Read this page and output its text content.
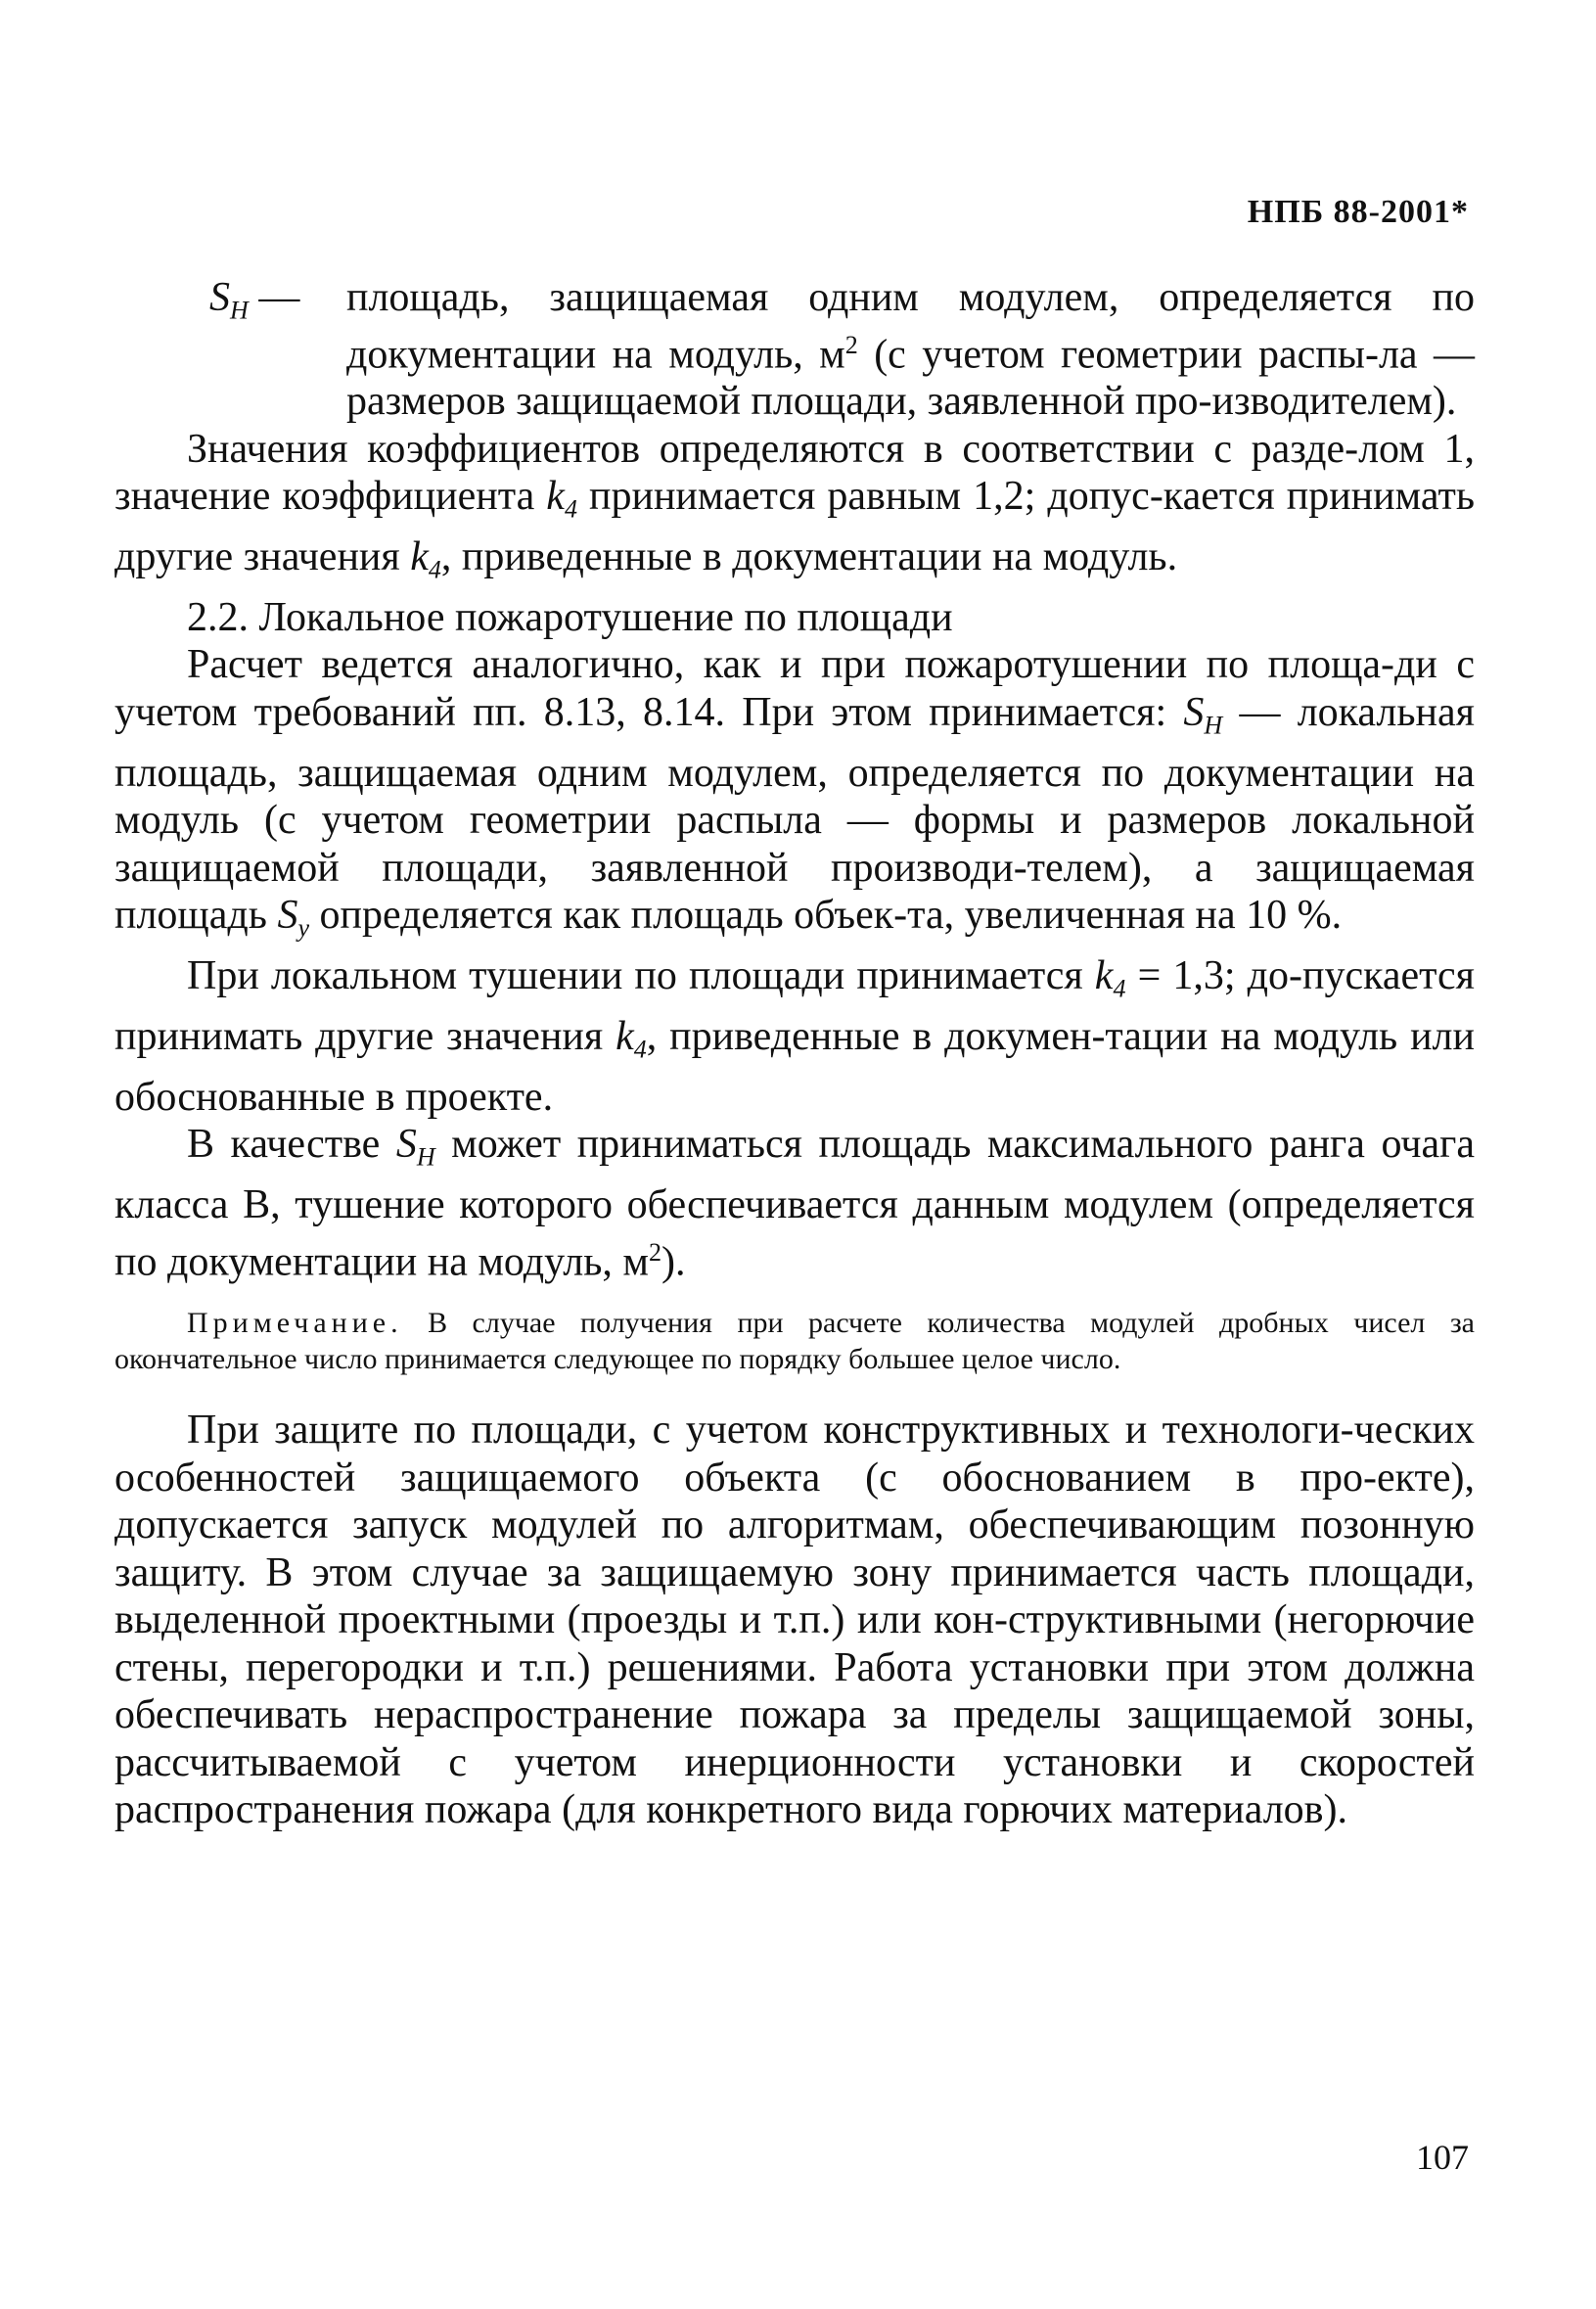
НПБ 88-2001*
$S_H$ —	площадь, защищаемая одним модулем, определяется по документации на модуль, $м^2$ (с учетом геометрии распы-ла — размеров защищаемой площади, заявленной про-изводителем).

Значения коэффициентов определяются в соответствии с разде-лом 1, значение коэффициента $k_4$ принимается равным 1,2; допус-кается принимать другие значения $k_4$, приведенные в документации на модуль.

2.2. Локальное пожаротушение по площади

Расчет ведется аналогично, как и при пожаротушении по площа-ди с учетом требований пп. 8.13, 8.14. При этом принимается: $S_H$ — локальная площадь, защищаемая одним модулем, определяется по документации на модуль (с учетом геометрии распыла — формы и размеров локальной защищаемой площади, заявленной производи-телем), а защищаемая площадь $S_y$ определяется как площадь объек-та, увеличенная на 10 %.

При локальном тушении по площади принимается $k_4 = 1,3$; до-пускается принимать другие значения $k_4$, приведенные в докумен-тации на модуль или обоснованные в проекте.

В качестве $S_H$ может приниматься площадь максимального ранга очага класса В, тушение которого обеспечивается данным модулем (определяется по документации на модуль, $м^2$).

Примечание. В случае получения при расчете количества модулей дробных чисел за окончательное число принимается следующее по порядку большее целое число.

При защите по площади, с учетом конструктивных и технологи-ческих особенностей защищаемого объекта (с обоснованием в про-екте), допускается запуск модулей по алгоритмам, обеспечивающим позонную защиту. В этом случае за защищаемую зону принимается часть площади, выделенной проектными (проезды и т.п.) или кон-структивными (негорючие стены, перегородки и т.п.) решениями. Работа установки при этом должна обеспечивать нераспространение пожара за пределы защищаемой зоны, рассчитываемой с учетом инерционности установки и скоростей распространения пожара (для конкретного вида горючих материалов).

107
